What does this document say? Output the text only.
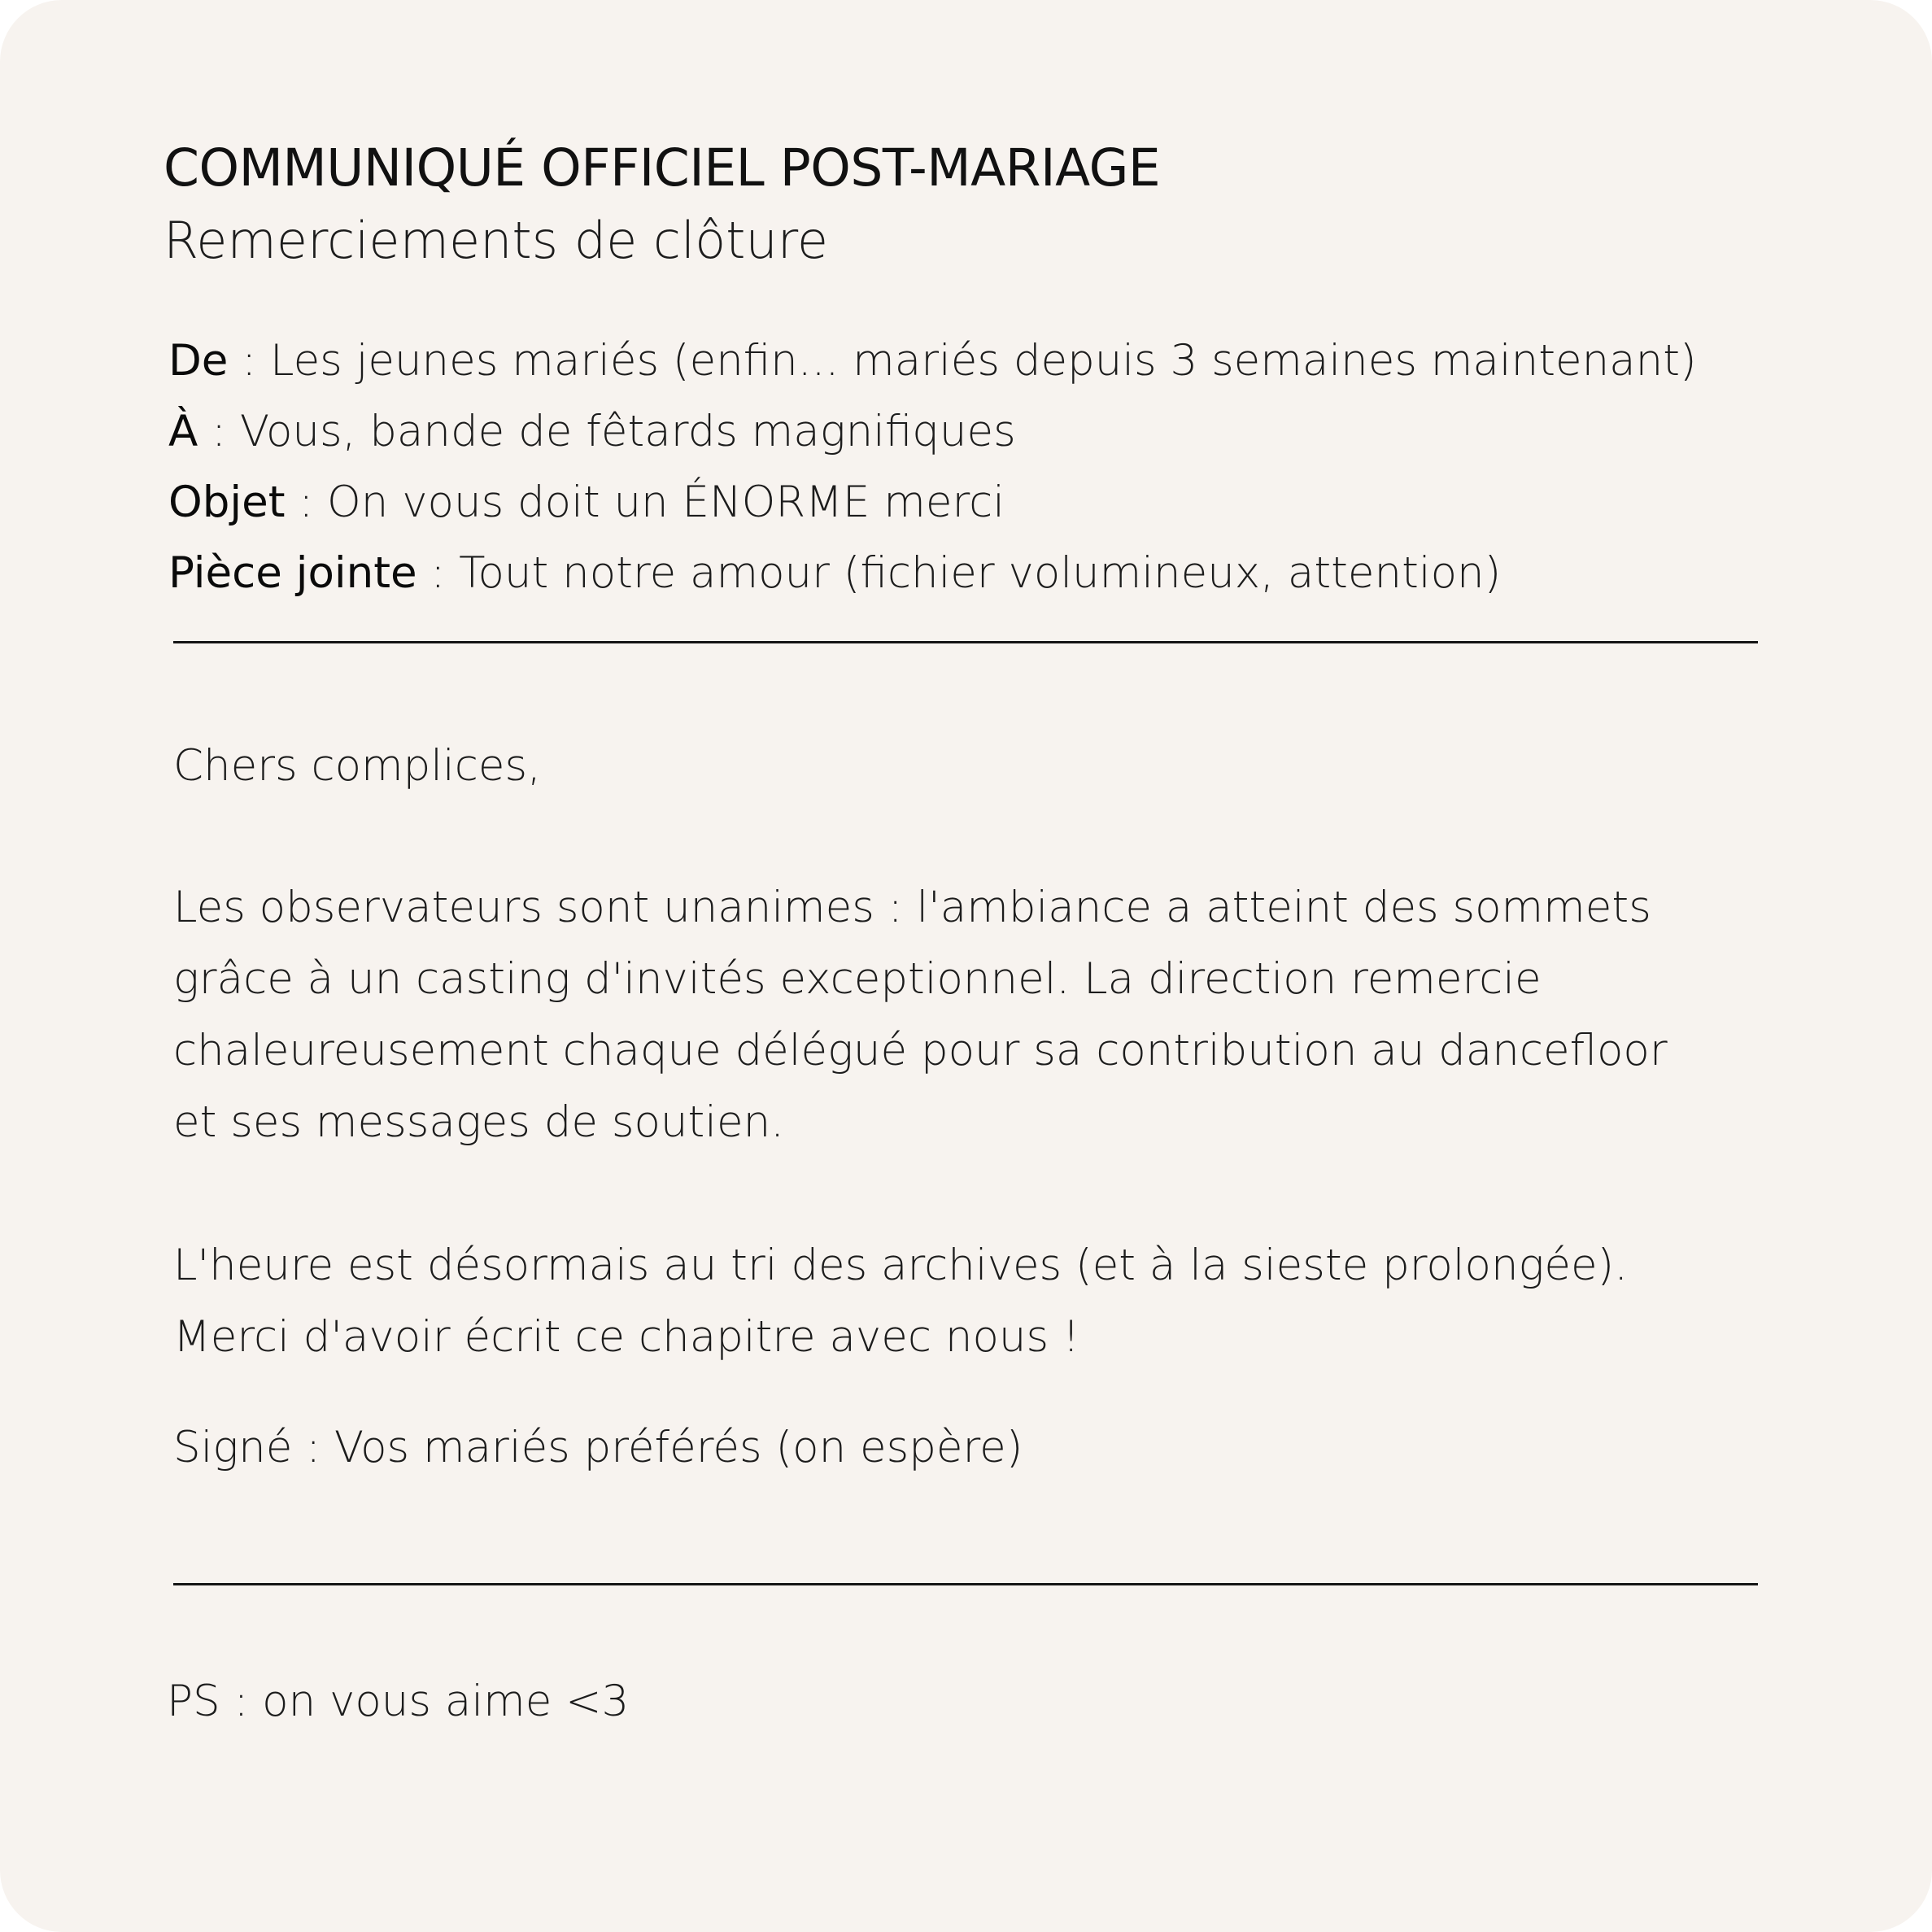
COMMUNIQUÉ OFFICIEL POST-MARIAGE
Remerciements de clôture
De : Les jeunes mariés (enfin... mariés depuis 3 semaines maintenant)
À : Vous, bande de fêtards magnifiques
Objet : On vous doit un ÉNORME merci
Pièce jointe : Tout notre amour (fichier volumineux, attention)
Chers complices,
Les observateurs sont unanimes : l'ambiance a atteint des sommets
grâce à un casting d'invités exceptionnel. La direction remercie
chaleureusement chaque délégué pour sa contribution au dancefloor
et ses messages de soutien.
L'heure est désormais au tri des archives (et à la sieste prolongée).
Merci d'avoir écrit ce chapitre avec nous !
Signé : Vos mariés préférés (on espère)
PS : on vous aime <3
